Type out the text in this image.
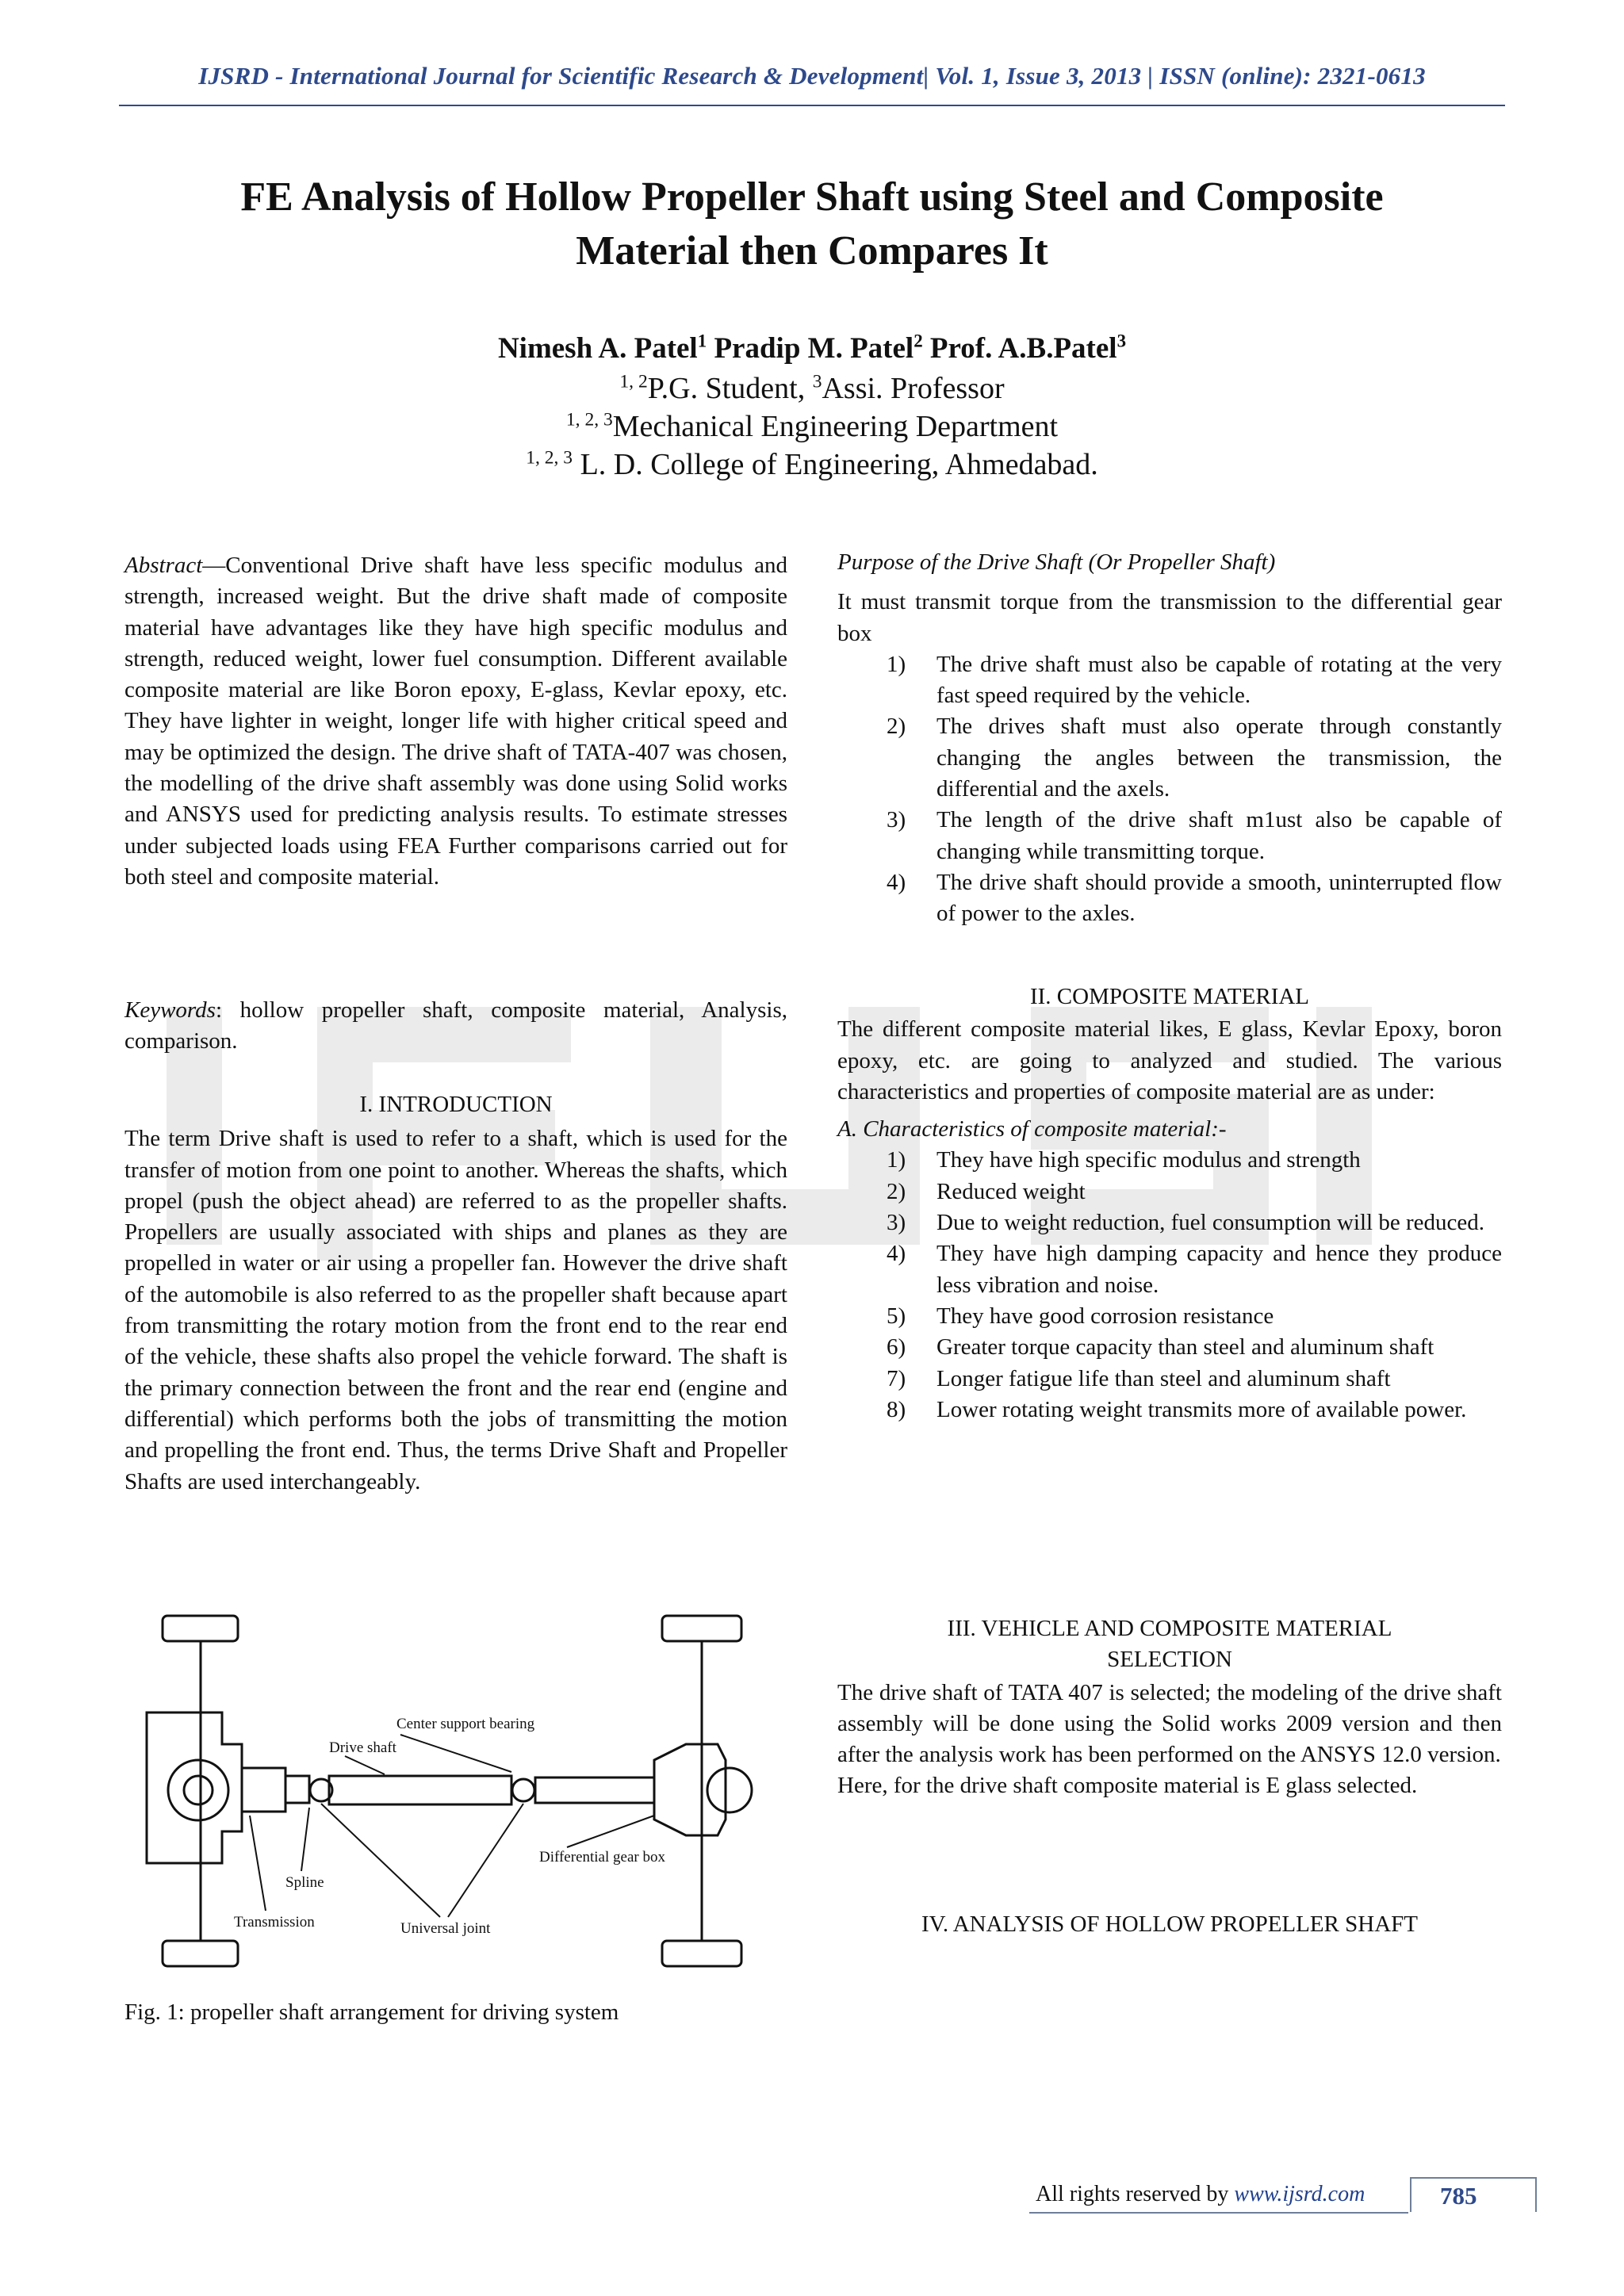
IJSRD - International Journal for Scientific Research & Development| Vol. 1, Issue 3, 2013 | ISSN (online): 2321-0613
FE Analysis of Hollow Propeller Shaft using Steel and Composite
Material then Compares It
Nimesh A. Patel$^1$ Pradip M. Patel$^2$ Prof. A.B.Patel$^3$
$^{1, 2}$P.G. Student, $^3$Assi. Professor
$^{1, 2, 3}$Mechanical Engineering Department
$^{1, 2, 3}$ L. D. College of Engineering, Ahmedabad.

Abstract—Conventional Drive shaft have less specific modulus and strength, increased weight. But the drive shaft made of composite material have advantages like they have high specific modulus and strength, reduced weight, lower fuel consumption. Different available composite material are like Boron epoxy, E-glass, Kevlar epoxy, etc. They have lighter in weight, longer life with higher critical speed and may be optimized the design. The drive shaft of TATA-407 was chosen, the modelling of the drive shaft assembly was done using Solid works and ANSYS used for predicting analysis results. To estimate stresses under subjected loads using FEA Further comparisons carried out for both steel and composite material.

Keywords: hollow propeller shaft, composite material, Analysis, comparison.

I. INTRODUCTION

The term Drive shaft is used to refer to a shaft, which is used for the transfer of motion from one point to another. Whereas the shafts, which propel (push the object ahead) are referred to as the propeller shafts. Propellers are usually associated with ships and planes as they are propelled in water or air using a propeller fan. However the drive shaft of the automobile is also referred to as the propeller shaft because apart from transmitting the rotary motion from the front end to the rear end of the vehicle, these shafts also propel the vehicle forward. The shaft is the primary connection between the front and the rear end (engine and differential) which performs both the jobs of transmitting the motion and propelling the front end. Thus, the terms Drive Shaft and Propeller Shafts are used interchangeably.

Center support bearing
Drive shaft
Spline
Transmission
Differential gear box
Universal joint
Fig. 1: propeller shaft arrangement for driving system

Purpose of the Drive Shaft (Or Propeller Shaft)

It must transmit torque from the transmission to the differential gear box

1) The drive shaft must also be capable of rotating at the very fast speed required by the vehicle.
2) The drives shaft must also operate through constantly changing the angles between the transmission, the differential and the axels.
3) The length of the drive shaft m1ust also be capable of changing while transmitting torque.
4) The drive shaft should provide a smooth, uninterrupted flow of power to the axles.

II. COMPOSITE MATERIAL

The different composite material likes, E glass, Kevlar Epoxy, boron epoxy, etc. are going to analyzed and studied. The various characteristics and properties of composite material are as under:

A. Characteristics of composite material:-

1) They have high specific modulus and strength
2) Reduced weight
3) Due to weight reduction, fuel consumption will be reduced.
4) They have high damping capacity and hence they produce less vibration and noise.
5) They have good corrosion resistance
6) Greater torque capacity than steel and aluminum shaft
7) Longer fatigue life than steel and aluminum shaft
8) Lower rotating weight transmits more of available power.

III. VEHICLE AND COMPOSITE MATERIAL

SELECTION

The drive shaft of TATA 407 is selected; the modeling of the drive shaft assembly will be done using the Solid works 2009 version and then after the analysis work has been performed on the ANSYS 12.0 version.

Here, for the drive shaft composite material is E glass selected.

IV. ANALYSIS OF HOLLOW PROPELLER SHAFT

All rights reserved by www.ijsrd.com	785
